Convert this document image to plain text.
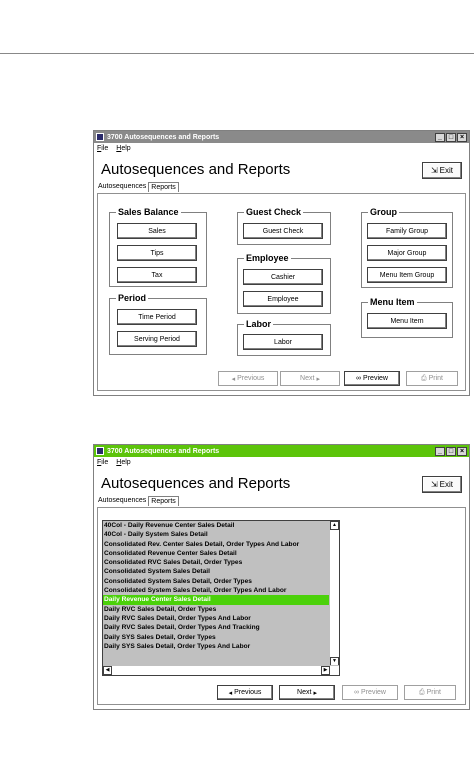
3700 Autosequences and Reports	_ □ ×
File Help
Autosequences and Reports	⇲ Exit
Autosequences Reports
Sales Balance
Sales
Tips
Tax
Period
Time Period
Serving Period
Guest Check
Guest Check
Employee
Cashier
Employee
Labor
Labor
Group
Family Group
Major Group
Menu Item Group
Menu Item
Menu Item
◂ Previous	Next ▸	∞ Preview	⎙ Print
3700 Autosequences and Reports	_ □ ×
File Help
Autosequences and Reports	⇲ Exit
Autosequences Reports
40Col - Daily Revenue Center Sales Detail
40Col - Daily System Sales Detail
Consolidated Rev. Center Sales Detail, Order Types And Labor
Consolidated Revenue Center Sales Detail
Consolidated RVC Sales Detail, Order Types
Consolidated System Sales Detail
Consolidated System Sales Detail, Order Types
Consolidated System Sales Detail, Order Types And Labor
Daily Revenue Center Sales Detail
Daily RVC Sales Detail, Order Types
Daily RVC Sales Detail, Order Types And Labor
Daily RVC Sales Detail, Order Types And Tracking
Daily SYS Sales Detail, Order Types
Daily SYS Sales Detail, Order Types And Labor
▲
▼
◀	▶
◂ Previous	Next ▸	∞ Preview	⎙ Print
